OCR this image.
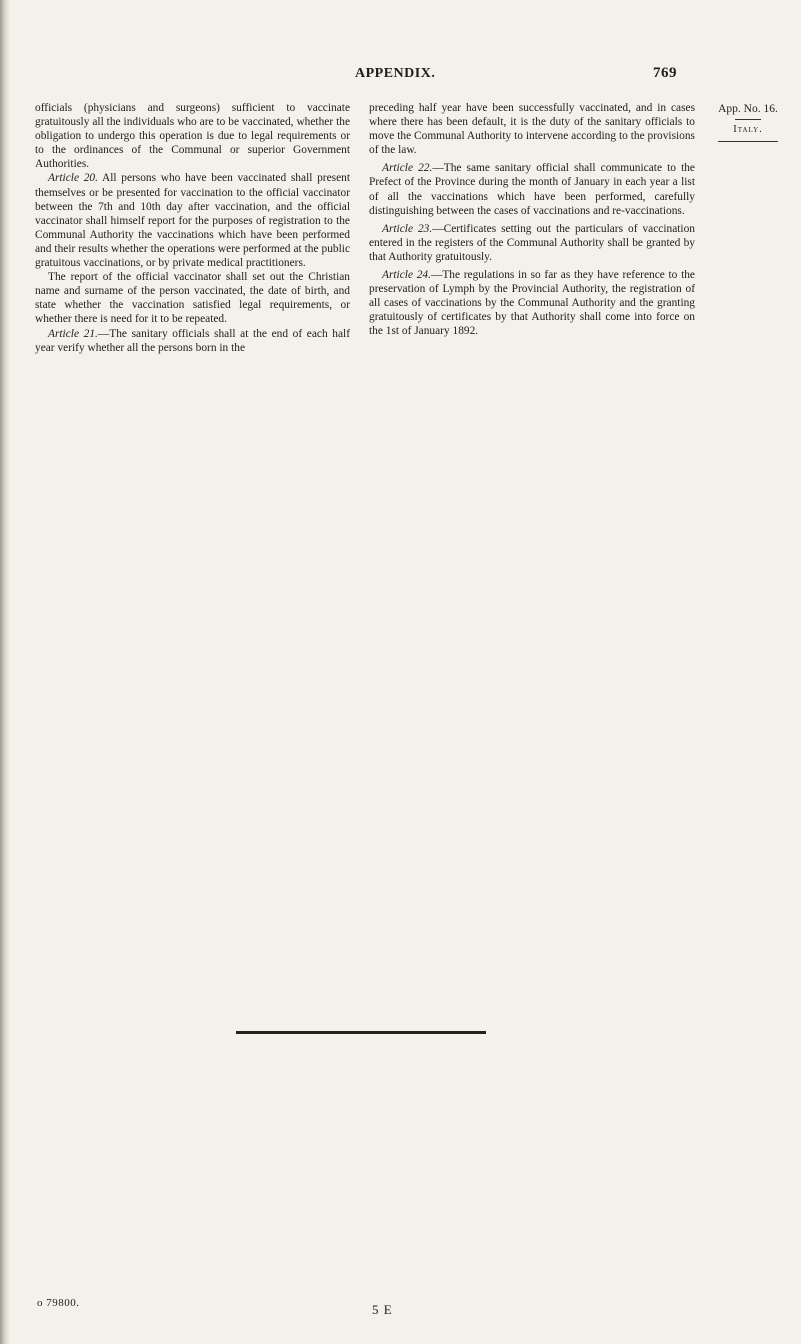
APPENDIX.	769

officials (physicians and surgeons) sufficient to vaccinate gratuitously all the individuals who are to be vaccinated, whether the obligation to undergo this operation is due to legal requirements or to the ordinances of the Communal or superior Government Authorities.

Article 20. All persons who have been vaccinated shall present themselves or be presented for vaccination to the official vaccinator between the 7th and 10th day after vaccination, and the official vaccinator shall himself report for the purposes of registration to the Communal Authority the vaccinations which have been performed and their results whether the operations were performed at the public gratuitous vaccinations, or by private medical practitioners.

The report of the official vaccinator shall set out the Christian name and surname of the person vaccinated, the date of birth, and state whether the vaccination satisfied legal requirements, or whether there is need for it to be repeated.

Article 21.—The sanitary officials shall at the end of each half year verify whether all the persons born in the

preceding half year have been successfully vaccinated, and in cases where there has been default, it is the duty of the sanitary officials to move the Communal Authority to intervene according to the provisions of the law.

Article 22.—The same sanitary official shall communicate to the Prefect of the Province during the month of January in each year a list of all the vaccinations which have been performed, carefully distinguishing between the cases of vaccinations and re-vaccinations.

Article 23.—Certificates setting out the particulars of vaccination entered in the registers of the Communal Authority shall be granted by that Authority gratuitously.

Article 24.—The regulations in so far as they have reference to the preservation of Lymph by the Provincial Authority, the registration of all cases of vaccinations by the Communal Authority and the granting gratuitously of certificates by that Authority shall come into force on the 1st of January 1892.

App. No. 16.
Italy.
o 79800.	5 E
